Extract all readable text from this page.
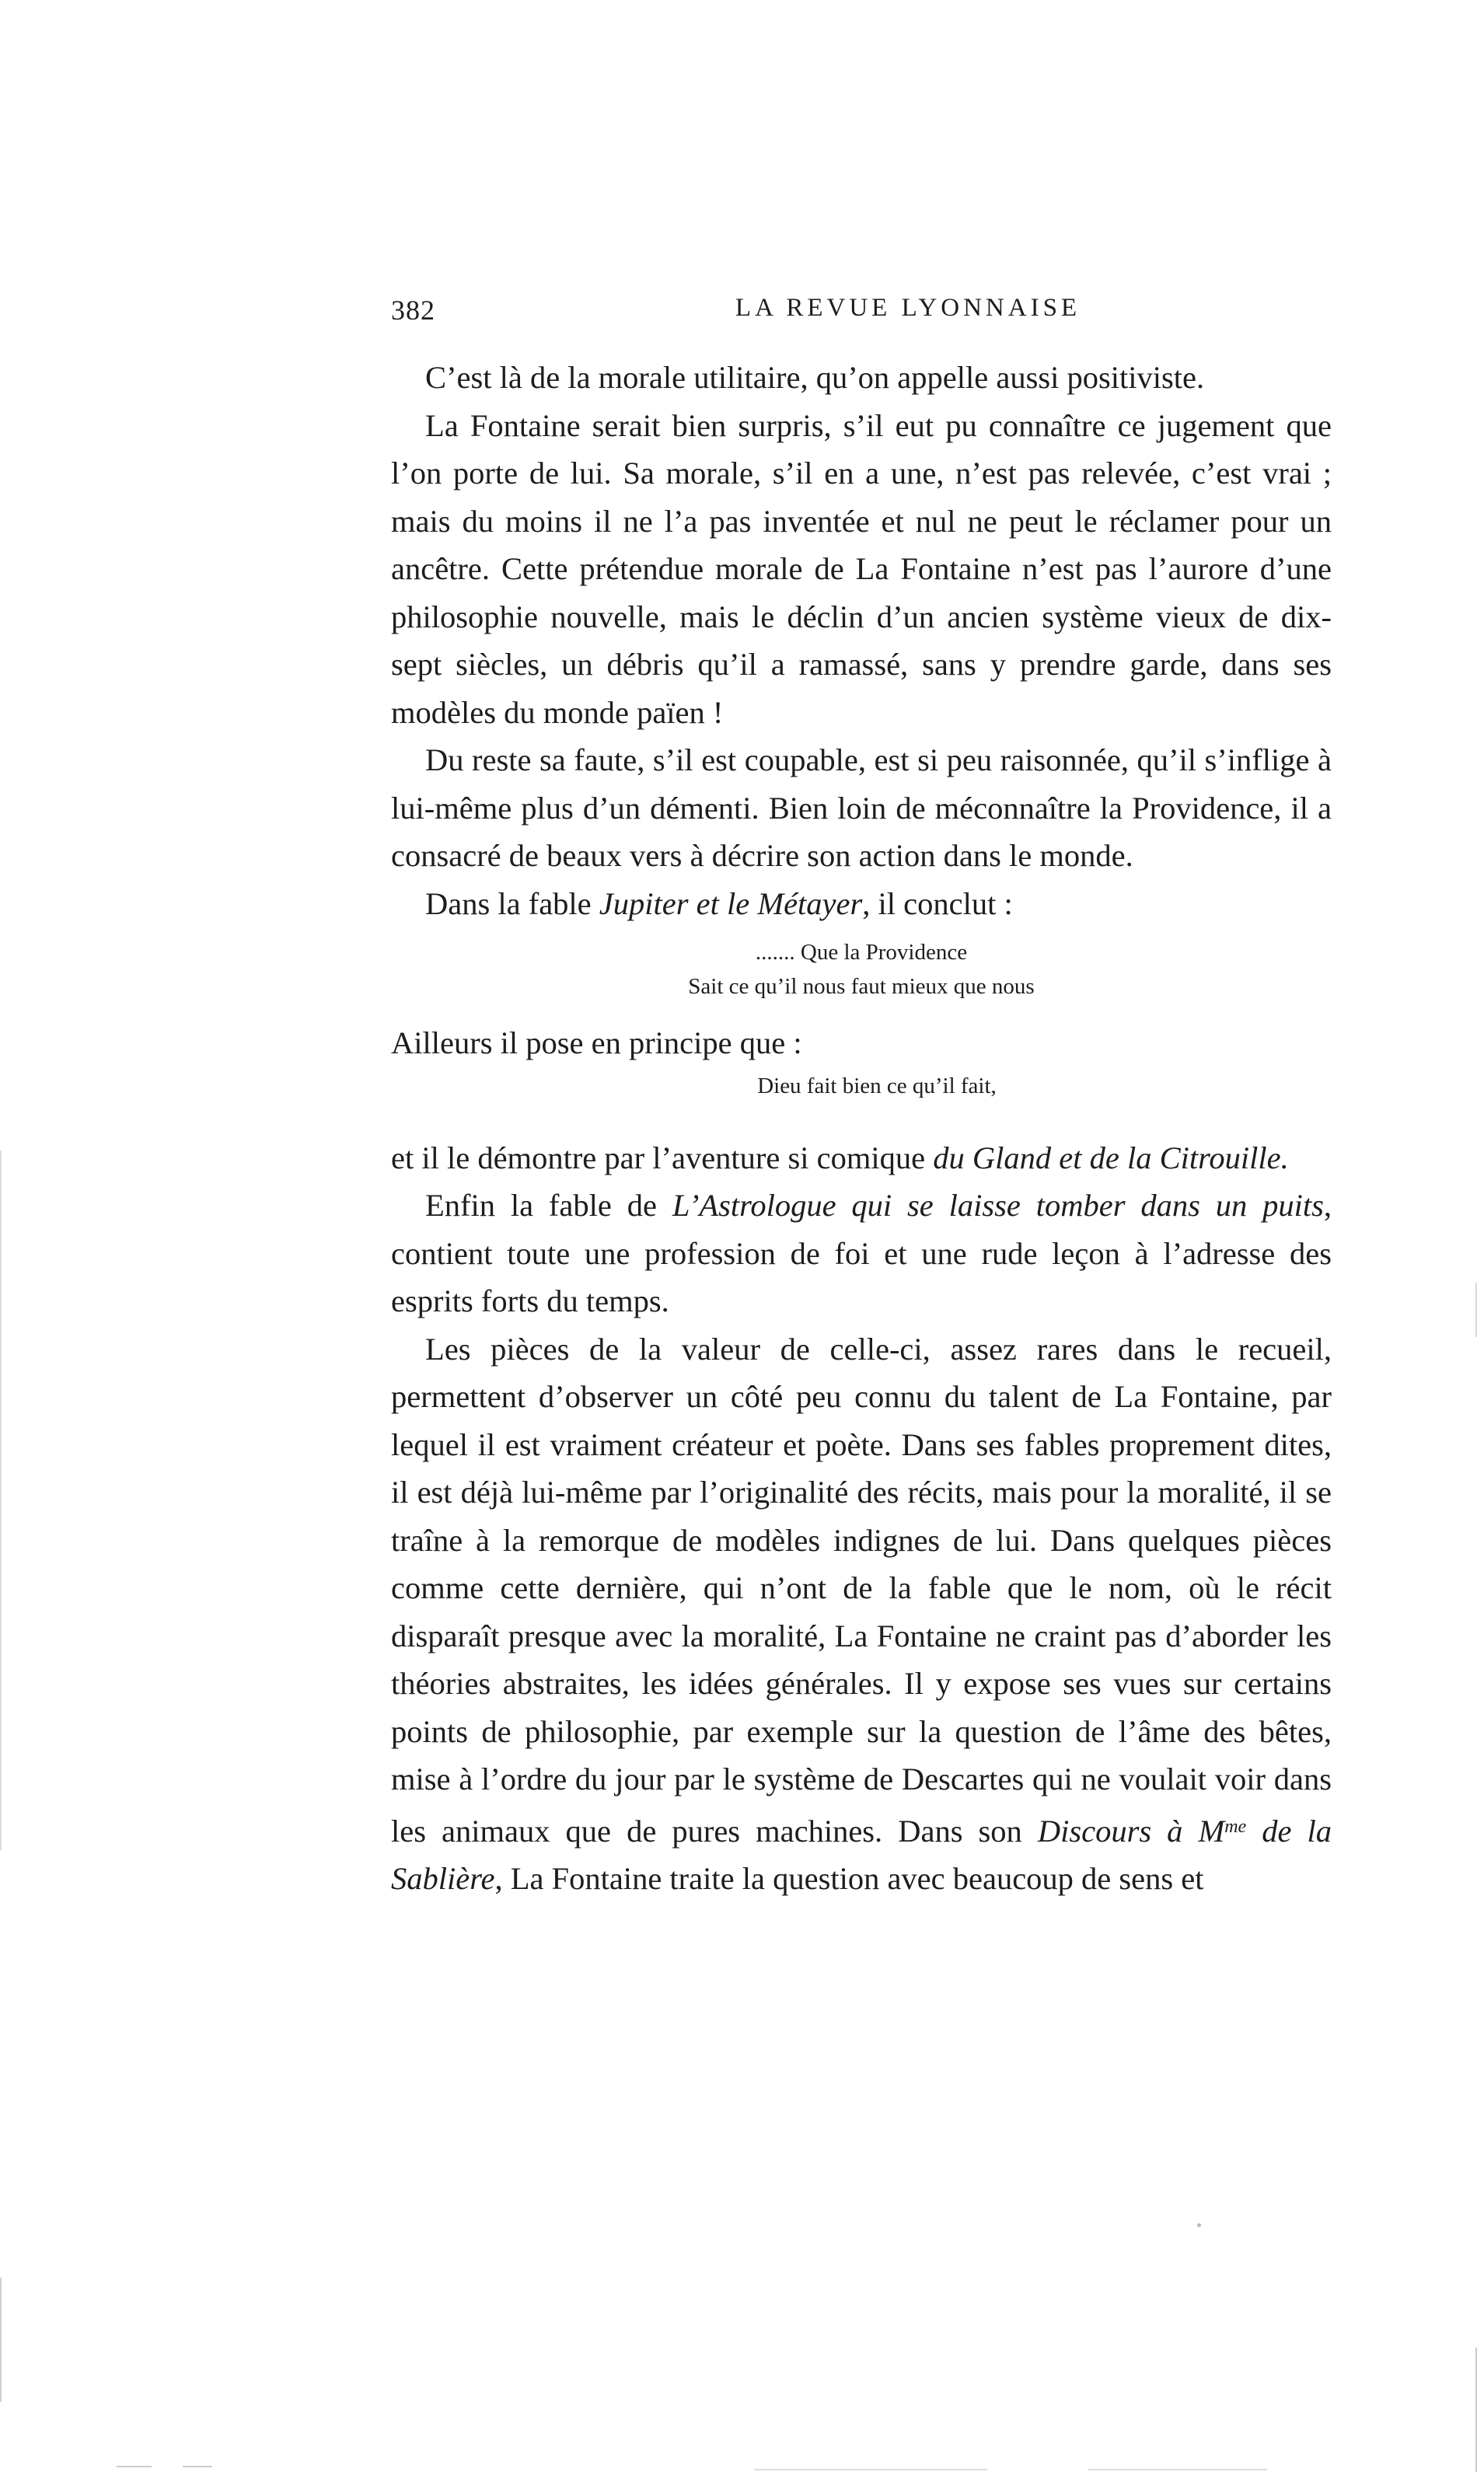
382	LA REVUE LYONNAISE

C’est là de la morale utilitaire, qu’on appelle aussi positiviste.

La Fontaine serait bien surpris, s’il eut pu connaître ce jugement que l’on porte de lui. Sa morale, s’il en a une, n’est pas relevée, c’est vrai ; mais du moins il ne l’a pas inventée et nul ne peut le réclamer pour un ancêtre. Cette prétendue morale de La Fontaine n’est pas l’aurore d’une philosophie nouvelle, mais le déclin d’un ancien système vieux de dix-sept siècles, un débris qu’il a ramassé, sans y prendre garde, dans ses modèles du monde païen !

Du reste sa faute, s’il est coupable, est si peu raisonnée, qu’il s’inflige à lui-même plus d’un démenti. Bien loin de méconnaître la Providence, il a consacré de beaux vers à décrire son action dans le monde.

Dans la fable Jupiter et le Métayer, il conclut :

....... Que la Providence
Sait ce qu’il nous faut mieux que nous

Ailleurs il pose en principe que :

Dieu fait bien ce qu’il fait,

et il le démontre par l’aventure si comique du Gland et de la Citrouille.

Enfin la fable de L’Astrologue qui se laisse tomber dans un puits, contient toute une profession de foi et une rude leçon à l’adresse des esprits forts du temps.

Les pièces de la valeur de celle-ci, assez rares dans le recueil, permettent d’observer un côté peu connu du talent de La Fontaine, par lequel il est vraiment créateur et poète. Dans ses fables proprement dites, il est déjà lui-même par l’originalité des récits, mais pour la moralité, il se traîne à la remorque de modèles indignes de lui. Dans quelques pièces comme cette dernière, qui n’ont de la fable que le nom, où le récit disparaît presque avec la moralité, La Fontaine ne craint pas d’aborder les théories abstraites, les idées générales. Il y expose ses vues sur certains points de philosophie, par exemple sur la question de l’âme des bêtes, mise à l’ordre du jour par le système de Descartes qui ne voulait voir dans les animaux que de pures machines. Dans son Discours à $M^{me}$ de la Sablière, La Fontaine traite la question avec beaucoup de sens et
